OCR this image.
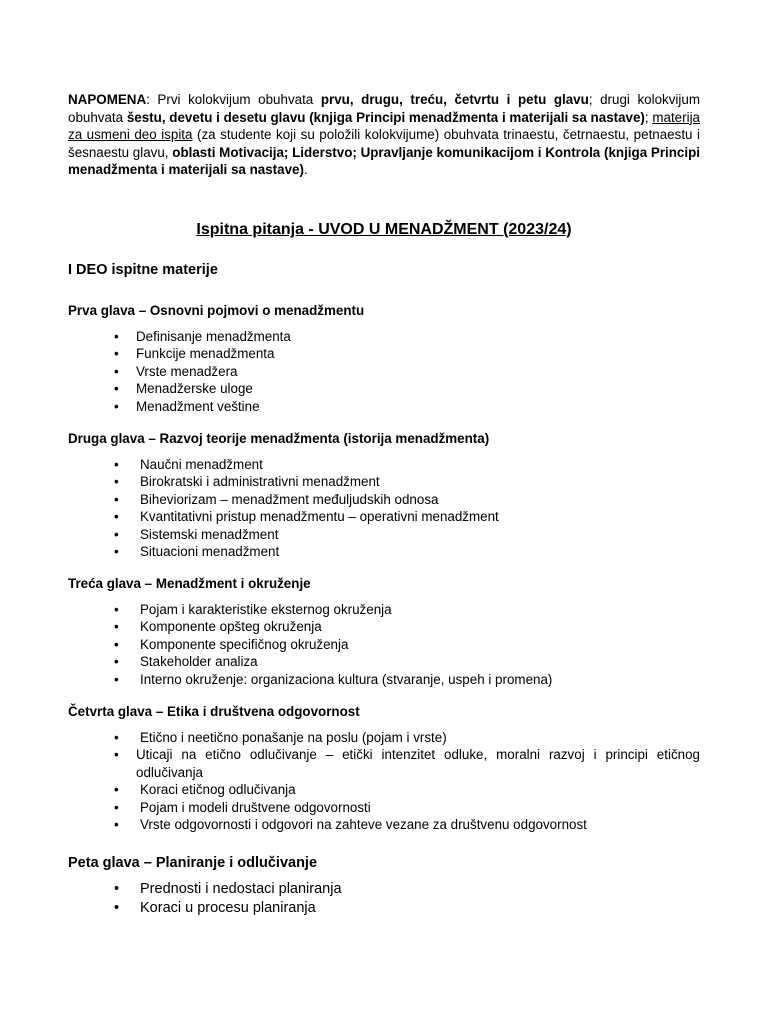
NAPOMENA: Prvi kolokvijum obuhvata prvu, drugu, treću, četvrtu i petu glavu; drugi kolokvijum obuhvata šestu, devetu i desetu glavu (knjiga Principi menadžmenta i materijali sa nastave); materija za usmeni deo ispita (za studente koji su položili kolokvijume) obuhvata trinaestu, četrnaestu, petnaestu i šesnaestu glavu, oblasti Motivacija; Liderstvo; Upravljanje komunikacijom i Kontrola (knjiga Principi menadžmenta i materijali sa nastave).
Ispitna pitanja - UVOD U MENADŽMENT (2023/24)
I DEO ispitne materije
Prva glava – Osnovni pojmovi o menadžmentu
• Definisanje menadžmenta
• Funkcije menadžmenta
• Vrste menadžera
• Menadžerske uloge
• Menadžment veštine
Druga glava – Razvoj teorije menadžmenta (istorija menadžmenta)
• Naučni menadžment
• Birokratski i administrativni menadžment
• Biheviorizam – menadžment međuljudskih odnosa
• Kvantitativni pristup menadžmentu – operativni menadžment
• Sistemski menadžment
• Situacioni menadžment
Treća glava – Menadžment i okruženje
• Pojam i karakteristike eksternog okruženja
• Komponente opšteg okruženja
• Komponente specifičnog okruženja
• Stakeholder analiza
• Interno okruženje: organizaciona kultura (stvaranje, uspeh i promena)
Četvrta glava – Etika i društvena odgovornost
• Etično i neetično ponašanje na poslu (pojam i vrste)
• Uticaji na etično odlučivanje – etički intenzitet odluke, moralni razvoj i principi etičnog odlučivanja
• Koraci etičnog odlučivanja
• Pojam i modeli društvene odgovornosti
• Vrste odgovornosti i odgovori na zahteve vezane za društvenu odgovornost
Peta glava – Planiranje i odlučivanje
• Prednosti i nedostaci planiranja
• Koraci u procesu planiranja
